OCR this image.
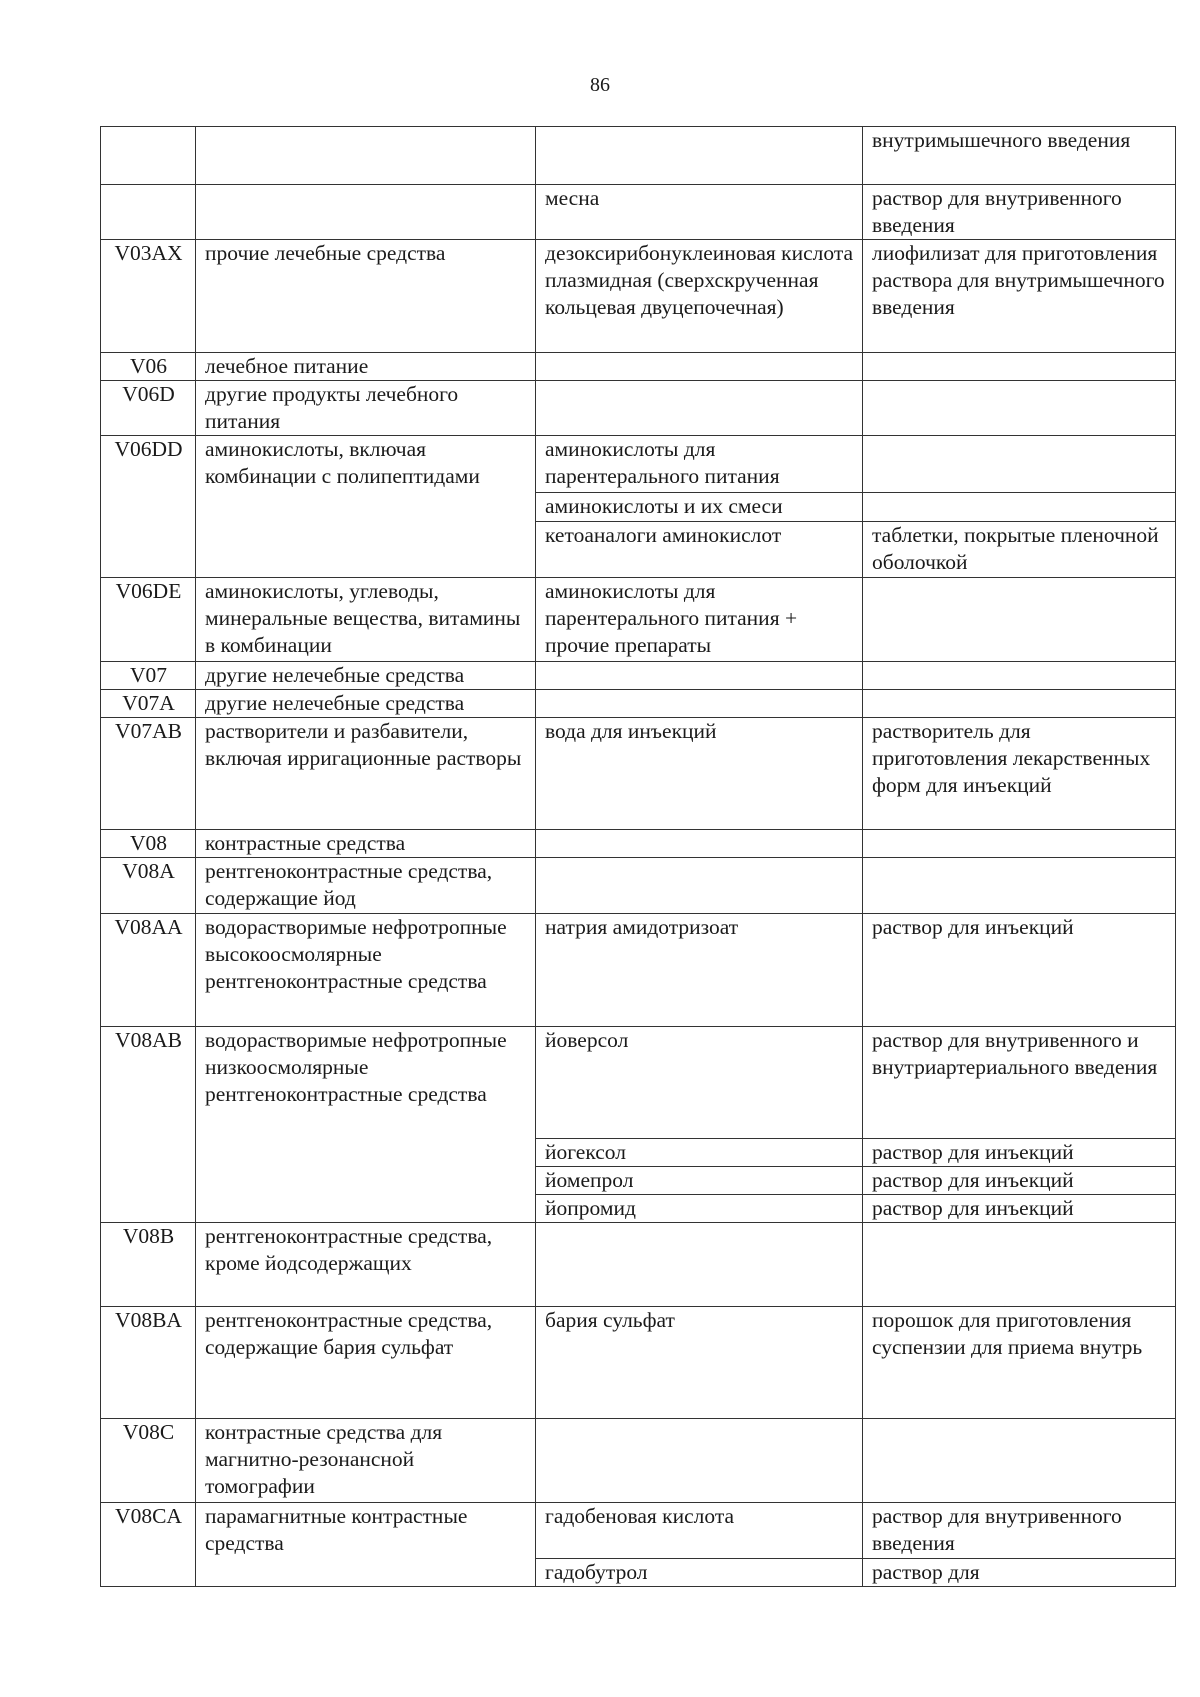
86
			внутримышечного введения
		месна	раствор для внутривенного введения
V03AX	прочие лечебные средства	дезоксирибонуклеиновая кислота плазмидная (сверхскрученная кольцевая двуцепочечная)	лиофилизат для приготовления раствора для внутримышечного введения
V06	лечебное питание		
V06D	другие продукты лечебного питания		
V06DD	аминокислоты, включая комбинации с полипептидами	аминокислоты для парентерального питания	
		аминокислоты и их смеси	
		кетоаналоги аминокислот	таблетки, покрытые пленочной оболочкой
V06DE	аминокислоты, углеводы, минеральные вещества, витамины в комбинации	аминокислоты для парентерального питания + прочие препараты	
V07	другие нелечебные средства		
V07A	другие нелечебные средства		
V07AB	растворители и разбавители, включая ирригационные растворы	вода для инъекций	растворитель для приготовления лекарственных форм для инъекций
V08	контрастные средства		
V08A	рентгеноконтрастные средства, содержащие йод		
V08AA	водорастворимые нефротропные высокоосмолярные рентгеноконтрастные средства	натрия амидотризоат	раствор для инъекций
V08AB	водорастворимые нефротропные низкоосмолярные рентгеноконтрастные средства	йоверсол	раствор для внутривенного и внутриартериального введения
		йогексол	раствор для инъекций
		йомепрол	раствор для инъекций
		йопромид	раствор для инъекций
V08B	рентгеноконтрастные средства, кроме йодсодержащих		
V08BA	рентгеноконтрастные средства, содержащие бария сульфат	бария сульфат	порошок для приготовления суспензии для приема внутрь
V08C	контрастные средства для магнитно-резонансной томографии		
V08CA	парамагнитные контрастные средства	гадобеновая кислота	раствор для внутривенного введения
		гадобутрол	раствор для
